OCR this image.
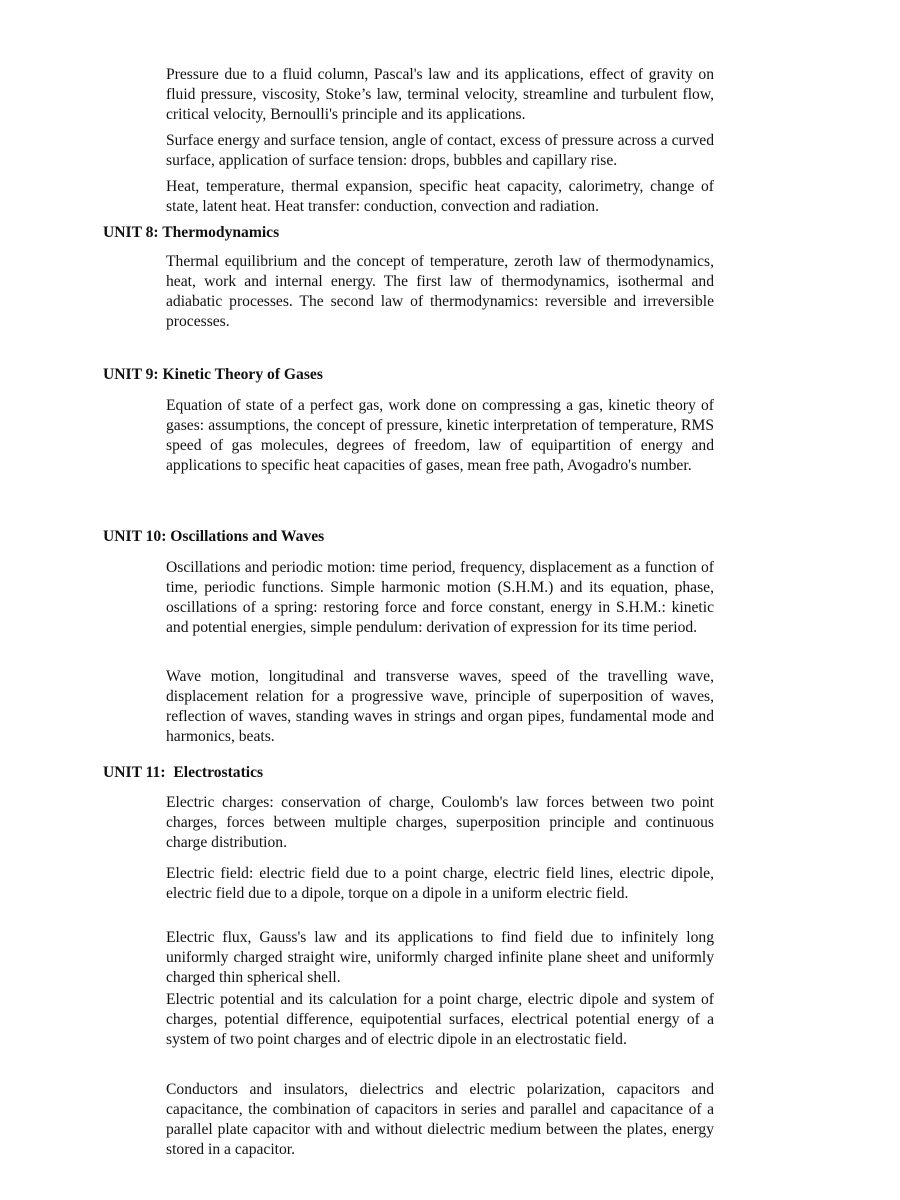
Pressure due to a fluid column, Pascal's law and its applications, effect of gravity on fluid pressure, viscosity, Stoke’s law, terminal velocity, streamline and turbulent flow, critical velocity, Bernoulli's principle and its applications.

Surface energy and surface tension, angle of contact, excess of pressure across a curved surface, application of surface tension: drops, bubbles and capillary rise.

Heat, temperature, thermal expansion, specific heat capacity, calorimetry, change of state, latent heat. Heat transfer: conduction, convection and radiation.

UNIT 8: Thermodynamics

Thermal equilibrium and the concept of temperature, zeroth law of thermodynamics, heat, work and internal energy. The first law of thermodynamics, isothermal and adiabatic processes. The second law of thermodynamics: reversible and irreversible processes.

UNIT 9: Kinetic Theory of Gases

Equation of state of a perfect gas, work done on compressing a gas, kinetic theory of gases: assumptions, the concept of pressure, kinetic interpretation of temperature, RMS speed of gas molecules, degrees of freedom, law of equipartition of energy and applications to specific heat capacities of gases, mean free path, Avogadro's number.

UNIT 10: Oscillations and Waves

Oscillations and periodic motion: time period, frequency, displacement as a function of time, periodic functions. Simple harmonic motion (S.H.M.) and its equation, phase, oscillations of a spring: restoring force and force constant, energy in S.H.M.: kinetic and potential energies, simple pendulum: derivation of expression for its time period.

Wave motion, longitudinal and transverse waves, speed of the travelling wave, displacement relation for a progressive wave, principle of superposition of waves, reflection of waves, standing waves in strings and organ pipes, fundamental mode and harmonics, beats.

UNIT 11:  Electrostatics

Electric charges: conservation of charge, Coulomb's law forces between two point charges, forces between multiple charges, superposition principle and continuous charge distribution.

Electric field: electric field due to a point charge, electric field lines, electric dipole, electric field due to a dipole, torque on a dipole in a uniform electric field.

Electric flux, Gauss's law and its applications to find field due to infinitely long uniformly charged straight wire, uniformly charged infinite plane sheet and uniformly charged thin spherical shell.

Electric potential and its calculation for a point charge, electric dipole and system of charges, potential difference, equipotential surfaces, electrical potential energy of a system of two point charges and of electric dipole in an electrostatic field.

Conductors and insulators, dielectrics and electric polarization, capacitors and capacitance, the combination of capacitors in series and parallel and capacitance of a parallel plate capacitor with and without dielectric medium between the plates, energy stored in a capacitor.
